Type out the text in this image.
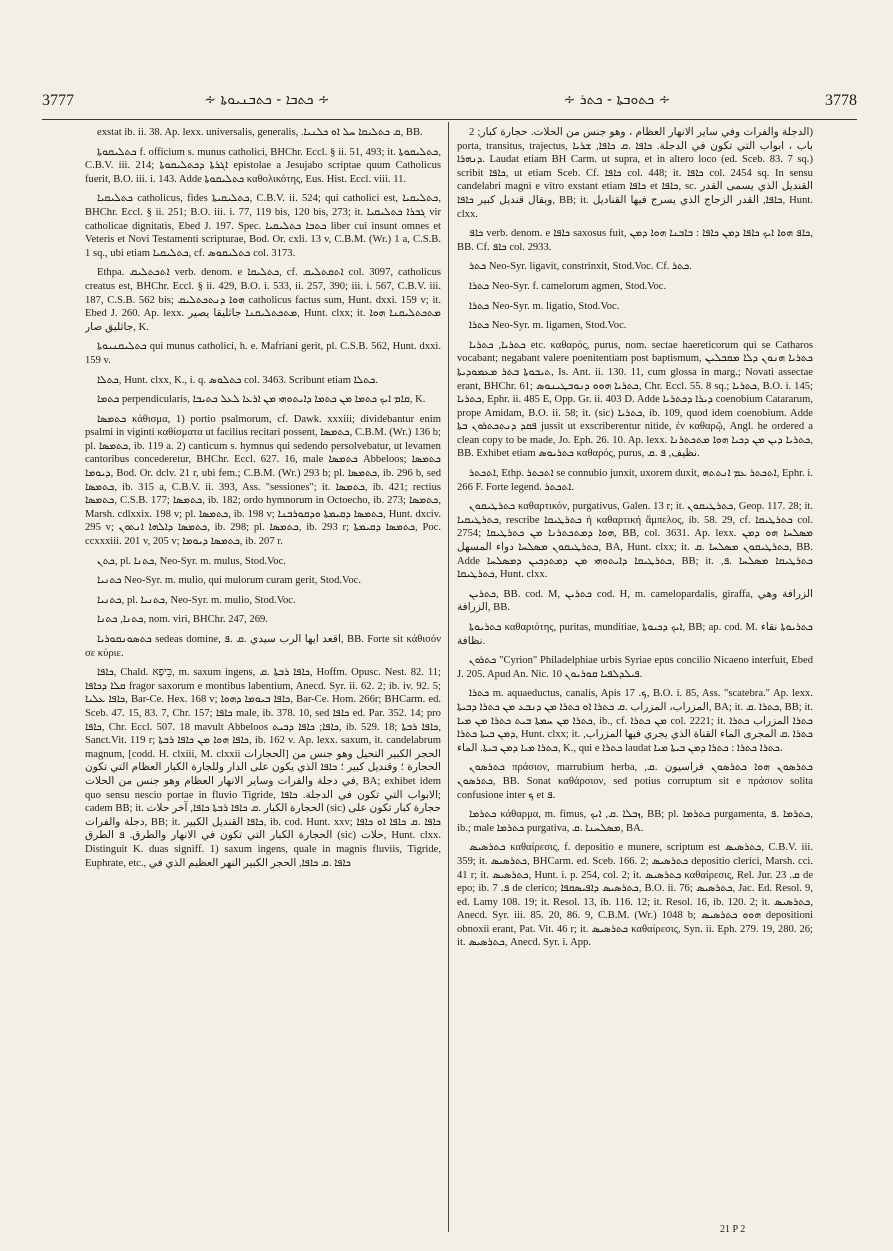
3777	∻ ܟܬܒܐ - ܟܬܒܢܝܘܬܐ ∻	∻ ܟܬܘܒܬܐ - ܟܬܪ ∻	3778

exstat ib. ii. 38. Ap. lexx. universalis, generalis, .ܩ ܟܬܠܝܩܐ ܚܠ ܐܘ ܟܠܢܝܐ, BB.

ܟܬܠܝܩܘܬܐ f. officium s. munus catholici, BHChr. Eccl. § ii. 51, 493; it. ܟܬܠܝܩܘܬܐ, C.B.V. iii. 214; ܐܓܪܬܐ ܕܟܬܠܝܩܘܬܐ epistolae a Jesujabo scriptae quum Catholicus fuerit, B.O. iii. i. 143. Adde ܟܬܠܝܩܘܬܐ καθολικότης, Eus. Hist. Eccl. viii. 11.

ܟܬܠܝܩܝܐ catholicus, fides ܟܬܠܝܩܝܬܐ, C.B.V. ii. 524; qui catholici est, ܟܬܠܝܩܝܐ, BHChr. Eccl. § ii. 251; B.O. iii. i. 77, 119 bis, 120 bis, 273; it. ܓܒܪܐ ܟܬܠܝܩܝܐ vir catholicae dignitatis, Ebed J. 197. Spec. ܟܬܒܐ ܟܬܠܝܩܝܐ liber cui insunt omnes et Veteris et Novi Testamenti scripturae, Bod. Or. cxli. 13 v, C.B.M. (Wr.) 1 a, C.S.B. 1 sq., ubi etiam ܟܬܠܝܩܝܐ, cf. ܟܬܠܝܩܘܣ col. 3173.

Ethpa. ܐܬܟܬܠܝܩ verb. denom. e ܟܬܠܝܩܐ, cf. ܐܬܩܬܠܝܩ col. 3097, catholicus creatus est, BHChr. Eccl. § ii. 429, B.O. i. 533, ii. 257, 390; iii. i. 567, C.B.V. iii. 187, C.S.B. 562 bis; ܗܘܐ ܕܢܬܟܬܠܝܩ catholicus factus sum, Hunt. dxxi. 159 v; it. Ebed J. 260. Ap. lexx. ܡܬܟܬܠܝܩܢܐ جاثليقا يصير, Hunt. clxx; it. ܡܬܟܬܠܝܩܢܐ ܗܘܐ جاثليق صار, K.

ܟܬܠܝܩܢܝܘܬܐ qui munus catholici, h. e. Mafriani gerit, pl. C.S.B. 562, Hunt. dxxi. 159 v.

ܟܬܠܐ, Hunt. clxx, K., i. q. ܟܬܠܘܣ col. 3463. Scribunt etiam ܟܬܠܐ.

ܟܬܡܐ perpendicularis, ܩܐܡ ܐܝܟ ܟܬܡܐ ܡܢ ܟܬܡܐ ܕܐܝܬܘܗܝ ܡܢ ܐܪܥܐ ܠܥܠ ܟܬܝܒܐ, K.

ܟܬܡܣܐ κάθισμα, 1) portio psalmorum, cf. Dawk. xxxiii; dividebantur enim psalmi in viginti καθίσματα ut facilius recitari possent, ܟܬܡܣܐ, C.B.M. (Wr.) 136 b; pl. ܟܬܡܣܐ, ib. 119 a. 2) canticum s. hymnus qui sedendo persolvebatur, ut levamen cantoribus concederetur, BHChr. Eccl. 627. 16, male ܟܬܡܣܐ Abbeloos; ܟܬܡܣܐ ܕܝܘܡܐ, Bod. Or. dclv. 21 r, ubi fem.; C.B.M. (Wr.) 293 b; pl. ܟܬܡܣܐ, ib. 296 b, sed ܟܬܡܣܐ, ib. 315 a, C.B.V. ii. 393, Ass. "sessiones"; it. ܟܬܡܣܐ, ib. 421; rectius ܟܬܡܣܐ, C.S.B. 177; ܟܬܡܣܐ, ib. 182; ordo hymnorum in Octoecho, ib. 273; ܟܬܡܣܐ, Marsh. cdlxxix. 198 v; pl. ܟܬܡܣܐ, ib. 198 v; ܟܬܡܣܐ ܕܩܝܡܬܐ ܘܕܩܘܪܒܢܐ, Hunt. dxciv. 295 v; ܟܬܡܣܐ ܕܐܠܗܐ ܐܢܬܘܢ, ib. 298; pl. ܟܬܡܣܐ, ib. 293 r; ܟܬܡܣܐ ܕܩܝܡܬܐ, Poc. ccxxxiii. 201 v, 205 v; ܟܬܡܣܐ ܕܝܘܡܐ, ib. 207 r.

ܟܬܢ, pl. ܟܬܢܐ, Neo-Syr. m. mulus, Stod.Voc.

ܟܬܢܝܐ Neo-Syr. m. mulio, qui mulorum curam gerit, Stod.Voc.

ܟܬܢܝܐ, pl. ܟܬܢܝܐ, Neo-Syr. m. mulio, Stod.Voc.

ܟܬܢܐ, ܟܬܢܐ, nom. viri, BHChr. 247, 269.

ܟܬܣܘܢܩܘܪܝܐ sedeas domine, اقعد ايها الرب سيدي .ܩ .ܦ, BB. Forte sit κάθισόν σε κύριε.

ܟܐܦܐ, Chald. כֵּיפָא, m. saxum ingens, ܟܐܦܐ ܪܒܬܐ .ܩ, Hoffm. Opusc. Nest. 82. 11; ܩܠܐ ܕܟܐܦܐ fragor saxorum e montibus labentium, Anecd. Syr. ii. 62. 2; ib. iv. 92. 5; ܟܐܦܐ ܥܠܝܐ, Bar-Ce. Hex. 168 v; ܟܐܦܐ ܒܝܘܡܐ ܕܗܘܐ, Bar-Ce. Hom. 266r; BHCarm. ed. Sceb. 47. 15, 83. 7, Chr. 157; ܟܐܦܐ male, ib. 378. 10, sed ܟܐܦܐ ed. Par. 352. 14; pro ܟܐܦܐ, Chr. Eccl. 507. 18 mavult Abbeloos ܟܐܦܐ; ܟܐܦܐ ܕܒܝܬ, ib. 529. 18; ܟܐܦܐ ܪܒܬܐ, Sanct.Vit. 119 r; ܟܐܦܐ ܗܘܐ ܡܢ ܟܐܦܐ ܪܒܬܐ, ib. 162 v. Ap. lexx. saxum, it. candelabrum magnum, [codd. H. clxiii, M. clxxii الحجارات] الحجر الكبير النحيل وهو جنس من الحجارة ؛ وقنديل كبير ؛ ܟܐܦܐ الذي يكون على الدار وللجارة الكبار العظام التي تكون في دجلة والفرات وساير الانهار العظام وهو جنس من الحلات, BA; exhibet idem quo sensu nescio portae in fluvio Tigride, الابواب التي تكون في الدجلة. ܟܐܦܐ; cadem BB; it. الحجارة الكبار .ܩ ܟܐܦܐ ܪܒܬܐ ܟܐܦܐ, آخر حلات (sic) حجارة كبار تكون على دجلة والفرات, BB; it. ܟܐܦܐ القنديل الكبير, ib. cod. Hunt. xxv; ܟܐܦܐ .ܩ ܟܐܦܐ ܐܘ ܟܐܦܐ الحجارة الكبار التي تكون في الانهار والطرق. ܦ الطرق (sic) حلات, Hunt. clxx. Distinguit K. duas signiff. 1) saxum ingens, quale in magnis fluviis, Tigride, Euphrate, etc., ܟܐܦܐ .ܩ ܟܐܦܐ, الحجر الكبير النهر العظيم الذي في

الدجلة والفرات وفي ساير الانهار العظام ، وهو جنس من الحلات. حجارة كبار; 2) porta, transitus, trajectus, باب ، ابواب التي تكون في الدجلة. ܟܐܦܐ .ܩ ܟܐܦܐ, ܫܪܝܐ ܕܢܗܪܐ. Laudat etiam BH Carm. ut supra, et in altero loco (ed. Sceb. 83. 7 sq.) scribit ܟܐܦܐ, ut etiam Sceb. Cf. ܟܐܦܐ col. 448; it. ܟܐܦܐ col. 2454 sq. In sensu candelabri magni e vitro exstant etiam ܟܐܦܐ et ܟܐܦܐ, sc. القنديل الذي يسمى القدر ويقال قنديل كبير ܟܐܦܐ, BB; it. ܟܐܦܐ, القدر الزجاج الذي يسرج فيها القناديل, Hunt. clxx.

ܟܐܦ verb. denom. e ܟܐܦܐ saxosus fuit, ܟܐܦ ܗܘܐ ܐܝܟ ܟܐܦܐ ܕܡܢ ܟܐܦܐ : ܒܐܒܢܐ ܗܘܐ ܕܡܢ, BB. Cf. ܟܐܦ col. 2933.

ܟܬܪ Neo-Syr. ligavit, constrinxit, Stod.Voc. Cf. ܟܬܪ.

ܟܬܪܐ Neo-Syr. f. camelorum agmen, Stod.Voc.

ܟܬܪܐ Neo-Syr. m. ligatio, Stod.Voc.

ܟܬܪܐ Neo-Syr. m. ligamen, Stod.Voc.

ܟܬܪܝܐ, ܟܬܪܝܐ etc. καθαρός, purus, nom. sectae haereticorum qui se Catharos vocabant; negabant valere poenitentiam post baptismum, ܟܬܪܝܐ ܗܢܘܢ ܕܠܐ ܡܩܒܠܝܢ ܬܝܒܘܬܐ ܒܬܪ ܡܥܡܘܕܝܬܐ, Is. Ant. ii. 130. 11, cum glossa in marg.; Novati assectae erant, BHChr. 61; ܟܬܪܝܐ ܗܘܘ ܕܢܘܒܛܝܢܘܣ, Chr. Eccl. 55. 8 sq.; ܟܬܪܝܐ, B.O. i. 145; ܟܬܪܝܐ, Ephr. ii. 485 E, Opp. Gr. ii. 403 D. Adde ܕܝܪܐ ܕܟܬܪܝܐ coenobium Catararum, prope Amidam, B.O. ii. 58; it. (sic) ܟܬܪܝܐ, ib. 109, quod idem coenobium. Adde ܦܩܕ ܕܢܬܟܬܪܘܢ ܒܬܐ jussit ut exscriberentur nitide, ἐν καθαρῷ, Angl. he ordered a clean copy to be made, Jo. Eph. 26. 10. Ap. lexx. ܟܬܪܝܐ ܕܝܢ ܡܢ ܕܟܝܐ ܗܘܐ ܡܬܟܬܪܢܐ, BB. Exhibet etiam ܟܬܪܝܘܣ καθαρός, purus, نظيف, ܦ .ܩ.

ܐܬܟܬܪ, Ethp. ܐܬܟܬܪ se connubio junxit, uxorem duxit, ܐܬܟܬܪ ܥܡ ܐܢܬܬܗ, Ephr. i. 266 F. Forte legend. ܐܬܟܬܪ.

ܟܬܪܛܝܩܘܢ καθαρτικόν, purgativus, Galen. 13 r; it. ܟܬܪܛܝܩܘܢ, Geop. 117. 28; it. ܟܬܪܛܝܩܝܐ, rescribe ܟܬܪܛܝܩܐ ἡ καθαρτική ἄμπελος, ib. 58. 29, cf. ܟܬܪܛܝܩܐ col. 2754; ܗܘܐ ܕܡܬܟܬܪܢܐ ܡܢ ܟܬܪܛܝܩܐ, BB, col. 3631. Ap. lexx. ܡܣܠܚܐ ܗܘ ܕܡܢ ܟܬܪܛܝܩܘܢ ܡܣܠܚܐ دواء المسهل, BA, Hunt. clxx; it. ܟܬܪܛܝܩܘܢ ܡܣܠܚܐ .ܩ, BB. Adde ܟܬܪܛܝܩܐ ܕܐܝܬܘܗܝ ܡܢ ܕܡܬܕܟܝܢ ܕܡܣܠܚܐ, BB; it. ܟܬܪܛܝܩܐ ܡܣܠܚܐ .ܦ, ܟܬܪܛܝܩܐ, Hunt. clxx.

ܟܬܪܝܢ, BB. cod. M, ܟܬܪܝܢ cod. H, m. camelopardalis, giraffa, الزرافة وهي الزرافة, BB.

ܟܬܪܝܘܬܐ καθαριότης, puritas, munditiae, ܐܝܟ ܕܟܝܘܬܐ, BB; ap. cod. M. ܟܬܪܝܘܬܐ نقاء نظافة.

ܟܬܪܘܢ "Cyrion" Philadelphiae urbis Syriae epus concilio Nicaeno interfuit, Ebed J. 205. Apud An. Nic. 10 ܦܝܠܕܠܦܝܐ ܩܘܪܝܘܢ.

ܟܬܪܐ m. aquaeductus, canalis, Apis ܟ. 17, B.O. i. 85, Ass. "scatebra." Ap. lexx. المزراب، المزراب .ܩ ܟܬܪܐ ܐܘ ܟܬܪܐ ܡܢ ܕܢܒܥ ܡܢ ܟܬܪܐ ܕܒܝܬܐ, BA; it. ܟܬܪܐ .ܩ, BB; it. ܟܬܪܐ ܡܢ ܚܡܬܐ ܒܝܬ ܟܬܪܐ ܡܢ ܡܝܐ, ib., cf. ܡܢ ܟܬܪܐ col. 2221; it. ܟܬܪܐ المزراب ܟܬܪܐ ܕܡܢ ܒܝܬܐ ܟܬܪܐ, Hunt. clxx; it. ܟܬܪܐ .ܩ المجرى الماء القناة الذي يجري فيها المزراب, ܟܬܪܐ ܡܝܐ ܕܡܢ ܒܝܬܐ. الماء, K., qui e ܟܬܪܐ laudat ܟܬܪܐ ܟܬܪܐ : ܟܬܪܐ ܕܡܢ ܒܝܬܐ ܡܝܐ.

ܟܬܪܣܘܢ πράσιον, marrubium herba, ܟܬܪܣܘܢ ܗܘܐ ܟܬܪܣܘܢ فراسيون .ܩ, ܟܬܪܣܘܢ, BB. Sonat καθάρσιον, sed potius corruptum sit e πράσιον solita confusione inter ܟ et ܦ.

ܟܬܪܡܐ κάθαρμα, m. fimus, ܙܒܠܐ .ܩ, ܐܝܟ, BB; pl. ܟܬܪܡܐ purgamenta, ܟܬܪܡܐ .ܦ, ib.; male ܟܬܪܡܐ purgativa, ܡܣܠܚܢܐ .ܩ, BA.

ܟܬܪܣܝܣ καθαίρεσις, f. depositio e munere, scriptum est ܟܬܪܣܝܣ, C.B.V. iii. 359; it. ܟܬܪܣܝܣ, BHCarm. ed. Sceb. 166. 2; ܟܬܪܣܝܣ depositio clerici, Marsh. cci. 41 r; it. ܟܬܪܣܝܣ, Hunt. i. p. 254, col. 2; it. ܟܬܪܣܝܣ καθαίρεσις, Rel. Jur. ܩ. 23 de epo; ib. ܦ. 7 de clerico; ܟܬܪܣܝܣ ܕܐܦܝܣܩܦܐ, B.O. ii. 76; ܟܬܪܣܝܣ, Jac. Ed. Resol. 9, ed. Lamy 108. 19; it. Resol. 13, ib. 116. 12; it. Resol. 16, ib. 120. 2; it. ܟܬܪܣܝܣ, Anecd. Syr. iii. 85. 20, 86. 9, C.B.M. (Wr.) 1048 b; ܗܘܘ ܟܬܪܣܝܣ depositioni obnoxii erant, Pat. Vit. 46 r; it. ܟܬܪܣܝܣ καθαίρεσις, Syn. ii. Eph. 279. 19, 280. 26; it. ܟܬܪܣܝܣ, Anecd. Syr. i. App.

21 P 2
